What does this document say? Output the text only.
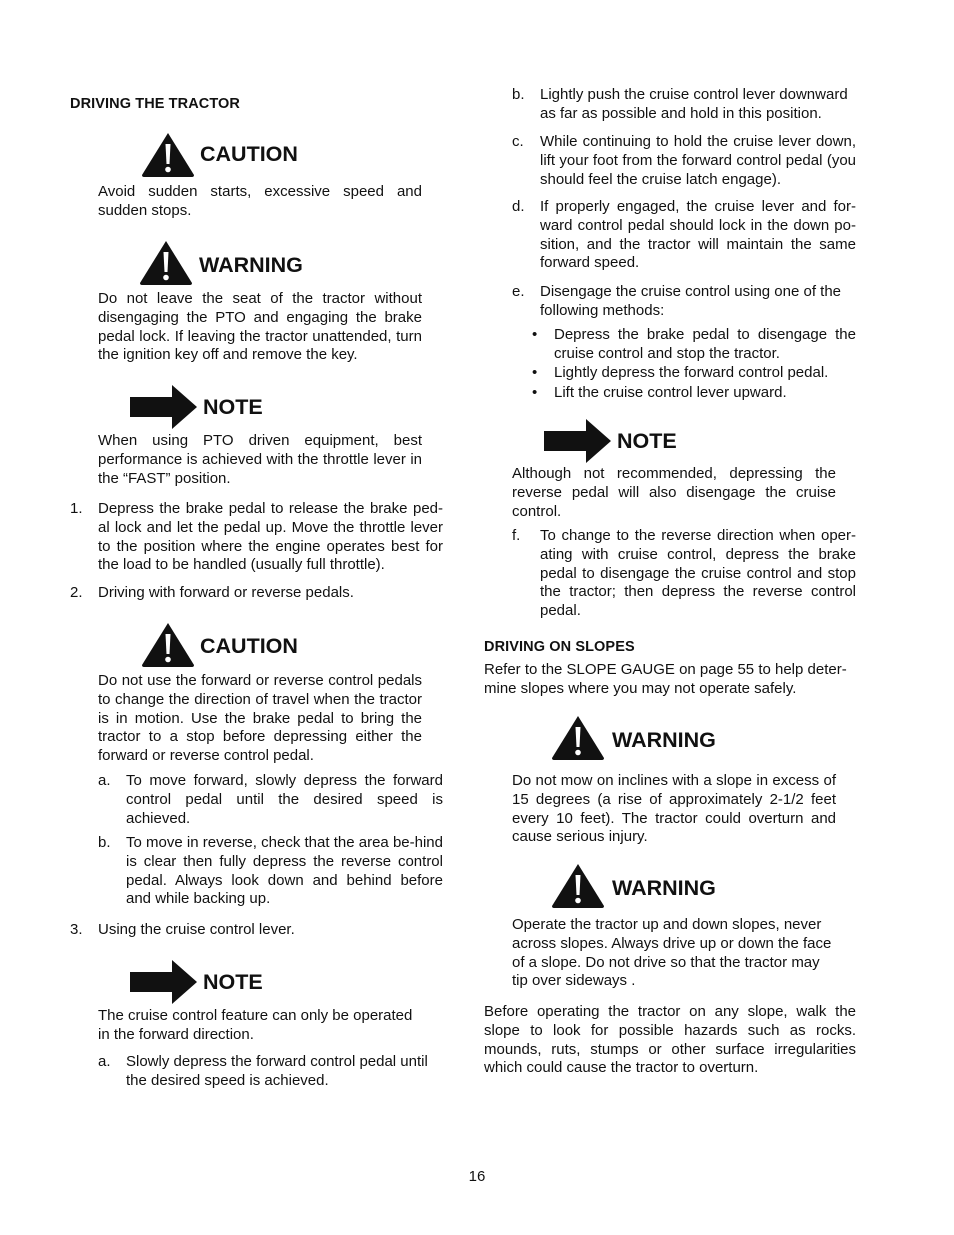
DRIVING THE TRACTOR
CAUTION

Avoid sudden starts, excessive speed and sudden stops.

WARNING

Do not leave the seat of the tractor without disengaging the PTO and engaging the brake pedal lock. If leaving the tractor unattended, turn the ignition key off and remove the key.

NOTE

When using PTO driven equipment, best performance is achieved with the throttle lever in the “FAST” position.

1. Depress the brake pedal to release the brake ped-al lock and let the pedal up. Move the throttle lever to the position where the engine operates best for the load to be handled (usually full throttle).
2. Driving with forward or reverse pedals.
CAUTION

Do not use the forward or reverse control pedals to change the direction of travel when the tractor is in motion. Use the brake pedal to bring the tractor to a stop before depressing either the forward or reverse control pedal.

a. To move forward, slowly depress the forward control pedal until the desired speed is achieved.
b. To move in reverse, check that the area be-hind is clear then fully depress the reverse control pedal. Always look down and behind before and while backing up.
3. Using the cruise control lever.
NOTE

The cruise control feature can only be operated in the forward direction.

a. Slowly depress the forward control pedal until the desired speed is achieved.
b. Lightly push the cruise control lever downward as far as possible and hold in this position.
c. While continuing to hold the cruise lever down, lift your foot from the forward control pedal (you should feel the cruise latch engage).
d. If properly engaged, the cruise lever and for-ward control pedal should lock in the down po-sition, and the tractor will maintain the same forward speed.
e. Disengage the cruise control using one of the following methods:
• Depress the brake pedal to disengage the cruise control and stop the tractor.
• Lightly depress the forward control pedal.
• Lift the cruise control lever upward.
NOTE

Although not recommended, depressing the reverse pedal will also disengage the cruise control.

f. To change to the reverse direction when oper-ating with cruise control, depress the brake pedal to disengage the cruise control and stop the tractor; then depress the reverse control pedal.
DRIVING ON SLOPES

Refer to the SLOPE GAUGE on page 55 to help deter-mine slopes where you may not operate safely.

WARNING

Do not mow on inclines with a slope in excess of 15 degrees (a rise of approximately 2-1/2 feet every 10 feet). The tractor could overturn and cause serious injury.

WARNING

Operate the tractor up and down slopes, never across slopes. Always drive up or down the face of a slope. Do not drive so that the tractor may tip over sideways .

Before operating the tractor on any slope, walk the slope to look for possible hazards such as rocks. mounds, ruts, stumps or other surface irregularities which could cause the tractor to overturn.

16
